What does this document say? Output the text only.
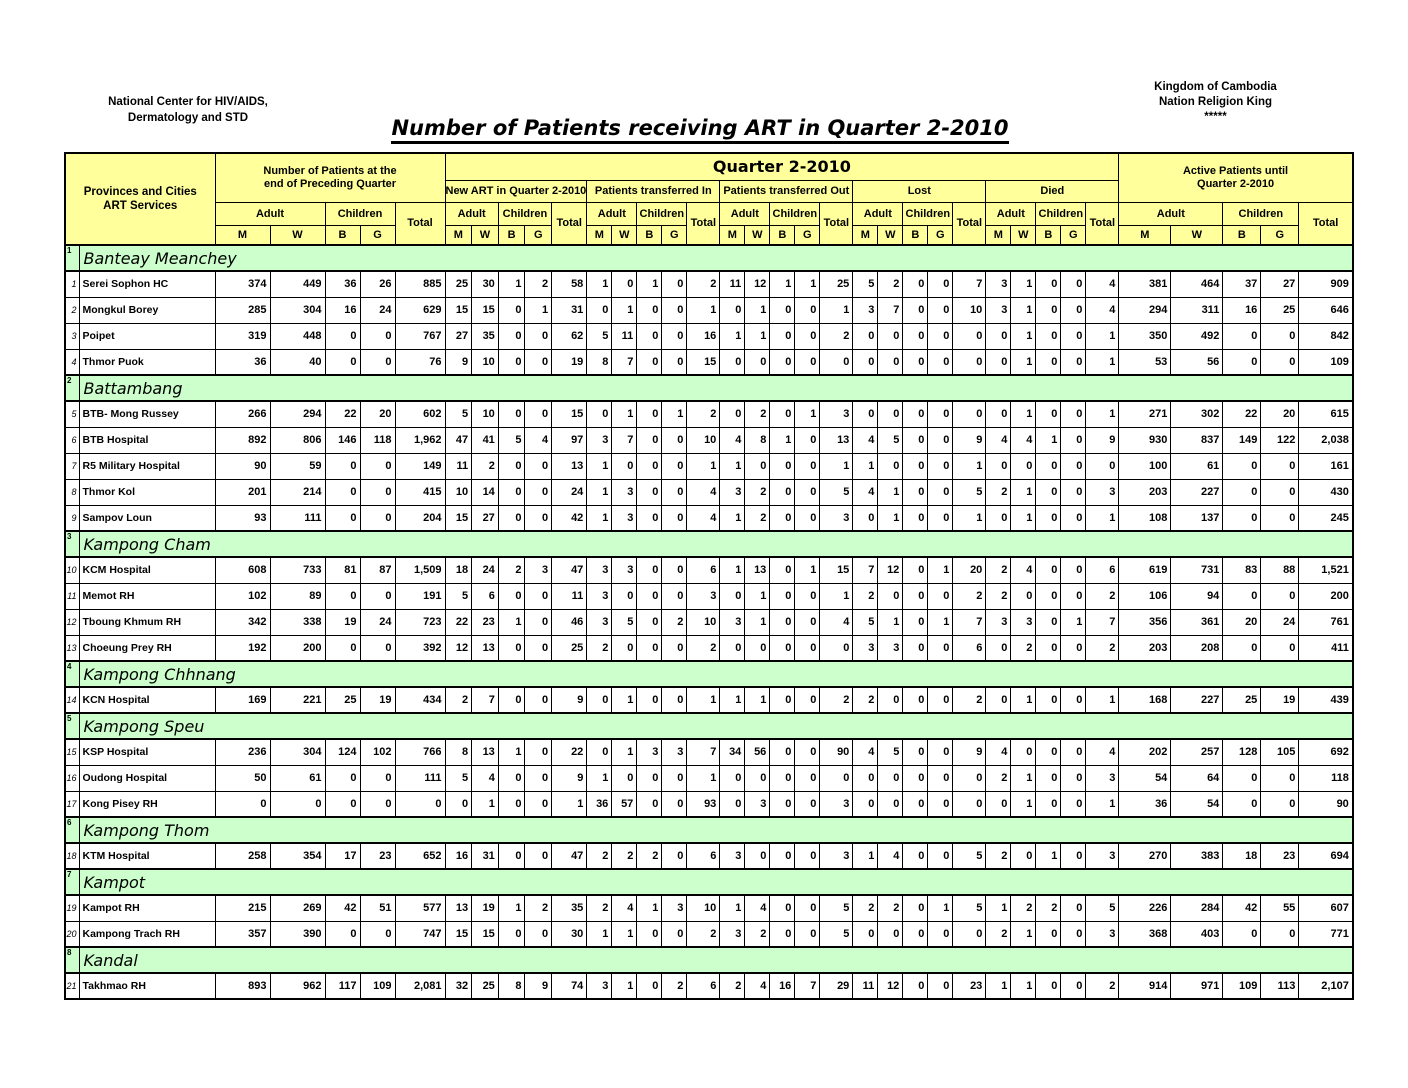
National Center for HIV/AIDS,
Dermatology and STD
Kingdom of Cambodia
Nation Religion King
*****
Number of Patients receiving ART in Quarter 2-2010
Provinces and Cities
ART Services

Number of Patients at the
end of Preceding Quarter
	Quarter 2-2010	Active Patients until
Quarter 2-2010

							New ART in Quarter 2-2010					Patients transferred In					Patients transferred Out					Lost					Died									
		Adult		Children		Total	Adult		Children		Total	Adult		Children		Total	Adult		Children		Total	Adult		Children		Total	Adult		Children		Total	Adult		Children		Total
		M	W	B	G		M	W	B	G		M	W	B	G		M	W	B	G		M	W	B	G		M	W	B	G		M	W	B	G	
1	Banteay Meanchey																																			
1	Serei Sophon HC	374	449	36	26	885	25	30	1	2	58	1	0	1	0	2	11	12	1	1	25	5	2	0	0	7	3	1	0	0	4	381	464	37	27	909
2	Mongkul Borey	285	304	16	24	629	15	15	0	1	31	0	1	0	0	1	0	1	0	0	1	3	7	0	0	10	3	1	0	0	4	294	311	16	25	646
3	Poipet	319	448	0	0	767	27	35	0	0	62	5	11	0	0	16	1	1	0	0	2	0	0	0	0	0	0	1	0	0	1	350	492	0	0	842
4	Thmor Puok	36	40	0	0	76	9	10	0	0	19	8	7	0	0	15	0	0	0	0	0	0	0	0	0	0	0	1	0	0	1	53	56	0	0	109
2	Battambang																																			
5	BTB- Mong Russey	266	294	22	20	602	5	10	0	0	15	0	1	0	1	2	0	2	0	1	3	0	0	0	0	0	0	1	0	0	1	271	302	22	20	615
6	BTB Hospital	892	806	146	118	1,962	47	41	5	4	97	3	7	0	0	10	4	8	1	0	13	4	5	0	0	9	4	4	1	0	9	930	837	149	122	2,038
7	R5 Military Hospital	90	59	0	0	149	11	2	0	0	13	1	0	0	0	1	1	0	0	0	1	1	0	0	0	1	0	0	0	0	0	100	61	0	0	161
8	Thmor Kol	201	214	0	0	415	10	14	0	0	24	1	3	0	0	4	3	2	0	0	5	4	1	0	0	5	2	1	0	0	3	203	227	0	0	430
9	Sampov Loun	93	111	0	0	204	15	27	0	0	42	1	3	0	0	4	1	2	0	0	3	0	1	0	0	1	0	1	0	0	1	108	137	0	0	245
3	Kampong Cham																																			
10	KCM Hospital	608	733	81	87	1,509	18	24	2	3	47	3	3	0	0	6	1	13	0	1	15	7	12	0	1	20	2	4	0	0	6	619	731	83	88	1,521
11	Memot RH	102	89	0	0	191	5	6	0	0	11	3	0	0	0	3	0	1	0	0	1	2	0	0	0	2	2	0	0	0	2	106	94	0	0	200
12	Tboung Khmum RH	342	338	19	24	723	22	23	1	0	46	3	5	0	2	10	3	1	0	0	4	5	1	0	1	7	3	3	0	1	7	356	361	20	24	761
13	Choeung Prey RH	192	200	0	0	392	12	13	0	0	25	2	0	0	0	2	0	0	0	0	0	3	3	0	0	6	0	2	0	0	2	203	208	0	0	411
4	Kampong Chhnang																																			
14	KCN Hospital	169	221	25	19	434	2	7	0	0	9	0	1	0	0	1	1	1	0	0	2	2	0	0	0	2	0	1	0	0	1	168	227	25	19	439
5	Kampong Speu																																			
15	KSP Hospital	236	304	124	102	766	8	13	1	0	22	0	1	3	3	7	34	56	0	0	90	4	5	0	0	9	4	0	0	0	4	202	257	128	105	692
16	Oudong Hospital	50	61	0	0	111	5	4	0	0	9	1	0	0	0	1	0	0	0	0	0	0	0	0	0	0	2	1	0	0	3	54	64	0	0	118
17	Kong Pisey RH	0	0	0	0	0	0	1	0	0	1	36	57	0	0	93	0	3	0	0	3	0	0	0	0	0	0	1	0	0	1	36	54	0	0	90
6	Kampong Thom																																			
18	KTM Hospital	258	354	17	23	652	16	31	0	0	47	2	2	2	0	6	3	0	0	0	3	1	4	0	0	5	2	0	1	0	3	270	383	18	23	694
7	Kampot																																			
19	Kampot RH	215	269	42	51	577	13	19	1	2	35	2	4	1	3	10	1	4	0	0	5	2	2	0	1	5	1	2	2	0	5	226	284	42	55	607
20	Kampong Trach RH	357	390	0	0	747	15	15	0	0	30	1	1	0	0	2	3	2	0	0	5	0	0	0	0	0	2	1	0	0	3	368	403	0	0	771
8	Kandal																																			
21	Takhmao RH	893	962	117	109	2,081	32	25	8	9	74	3	1	0	2	6	2	4	16	7	29	11	12	0	0	23	1	1	0	0	2	914	971	109	113	2,107
